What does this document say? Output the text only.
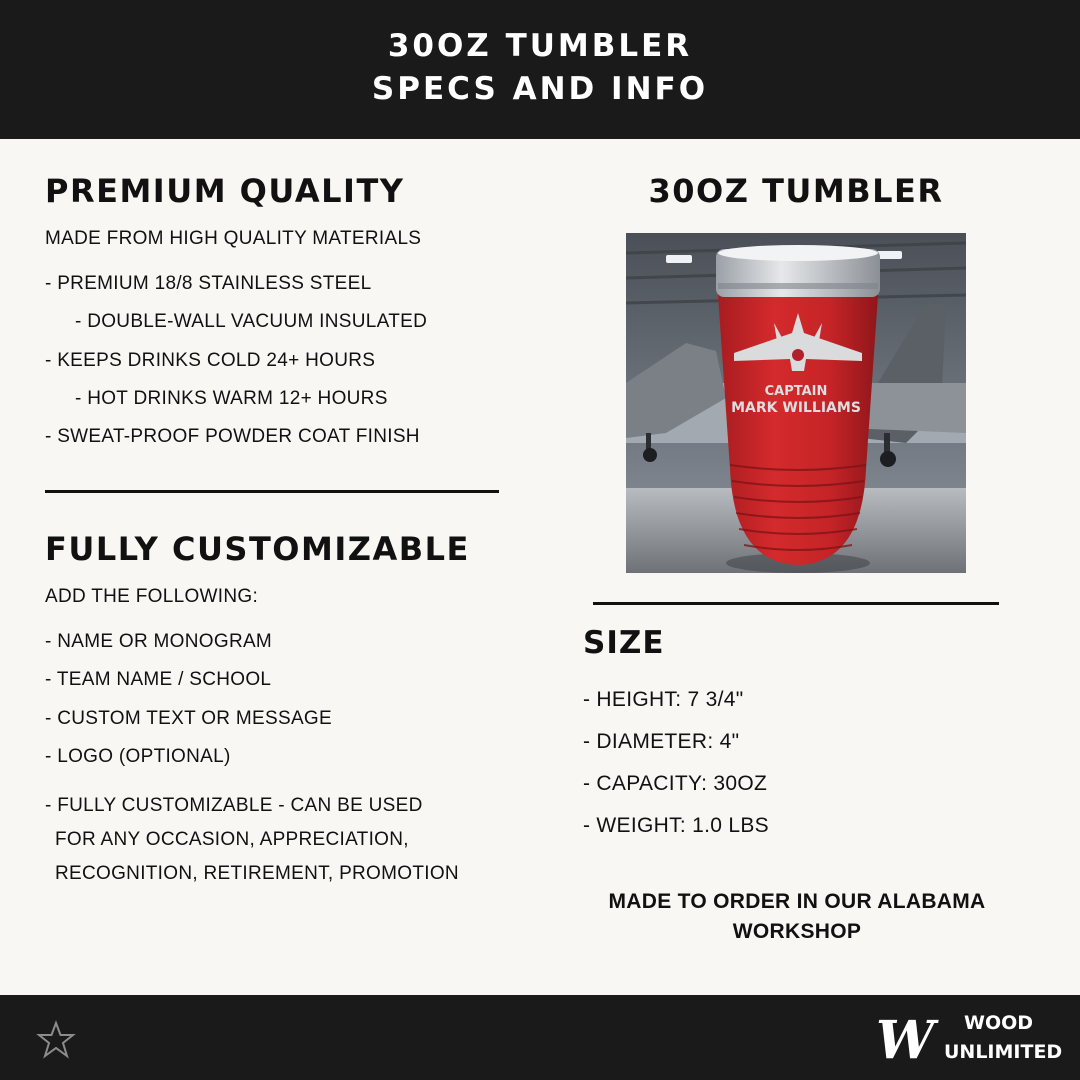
30OZ TUMBLER
SPECS AND INFO
PREMIUM QUALITY
MADE FROM HIGH QUALITY MATERIALS
- PREMIUM 18/8 STAINLESS STEEL
- DOUBLE-WALL VACUUM INSULATED
- KEEPS DRINKS COLD 24+ HOURS
- HOT DRINKS WARM 12+ HOURS
- SWEAT-PROOF POWDER COAT FINISH
FULLY CUSTOMIZABLE
ADD THE FOLLOWING:
- NAME OR MONOGRAM
- TEAM NAME / SCHOOL
- CUSTOM TEXT OR MESSAGE
- LOGO (OPTIONAL)
- FULLY CUSTOMIZABLE - CAN BE USED
FOR ANY OCCASION, APPRECIATION,
RECOGNITION, RETIREMENT, PROMOTION
30OZ TUMBLER
CAPTAIN
MARK WILLIAMS
SIZE
- HEIGHT: 7 3/4"
- DIAMETER: 4"
- CAPACITY: 30OZ
- WEIGHT: 1.0 LBS
MADE TO ORDER IN OUR ALABAMA
WORKSHOP
W WOOD
UNLIMITED
